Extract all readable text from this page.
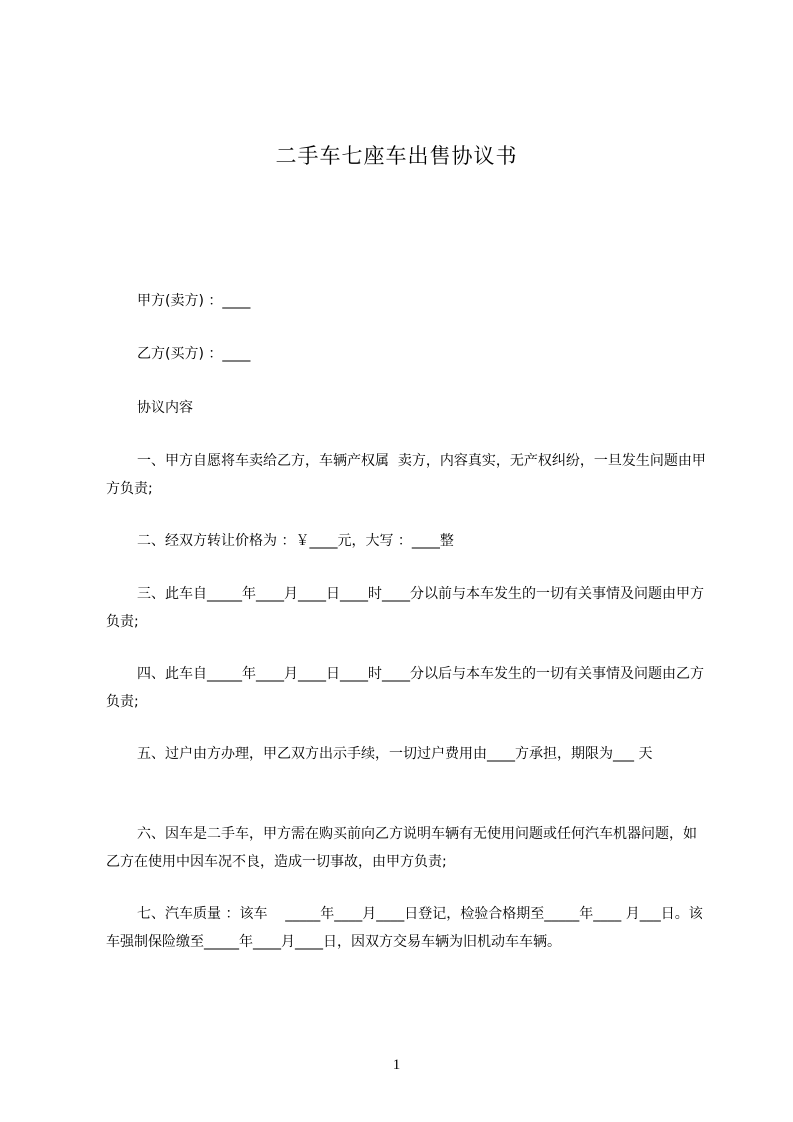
二手车七座车出售协议书
甲方(卖方) ：____
乙方(买方) ：____
协议内容
一、甲方自愿将车卖给乙方，车辆产权属  卖方，内容真实，无产权纠纷，一旦发生问题由甲方负责;
二、经双方转让价格为 ：￥____元，大写 ：____整
三、此车自_____年____月____日____时____分以前与本车发生的一切有关事情及问题由甲方负责;
四、此车自_____年____月____日____时____分以后与本车发生的一切有关事情及问题由乙方负责;
五、过户由方办理，甲乙双方出示手续，一切过户费用由____方承担，期限为___ 天
六、因车是二手车，甲方需在购买前向乙方说明车辆有无使用问题或任何汽车机器问题，如乙方在使用中因车况不良，造成一切事故，由甲方负责;
七、汽车质量 ：该车    _____年____月____日登记，检验合格期至_____年____ 月___日。该车强制保险缴至_____年____月____日，因双方交易车辆为旧机动车车辆。
1
